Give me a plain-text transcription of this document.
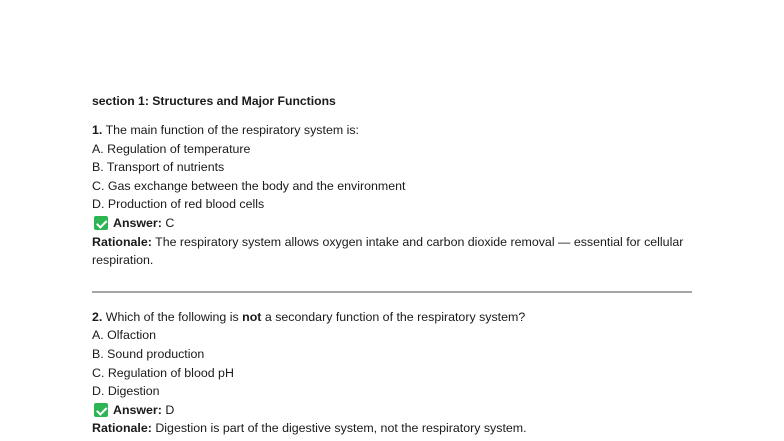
section 1: Structures and Major Functions

1. The main function of the respiratory system is:

A. Regulation of temperature

B. Transport of nutrients

C. Gas exchange between the body and the environment

D. Production of red blood cells

Answer:
C

Rationale: The respiratory system allows oxygen intake and carbon dioxide removal — essential for cellular respiration.

2. Which of the following is not a secondary function of the respiratory system?

A. Olfaction

B. Sound production

C. Regulation of blood pH

D. Digestion

Answer:
D

Rationale: Digestion is part of the digestive system, not the respiratory system.
